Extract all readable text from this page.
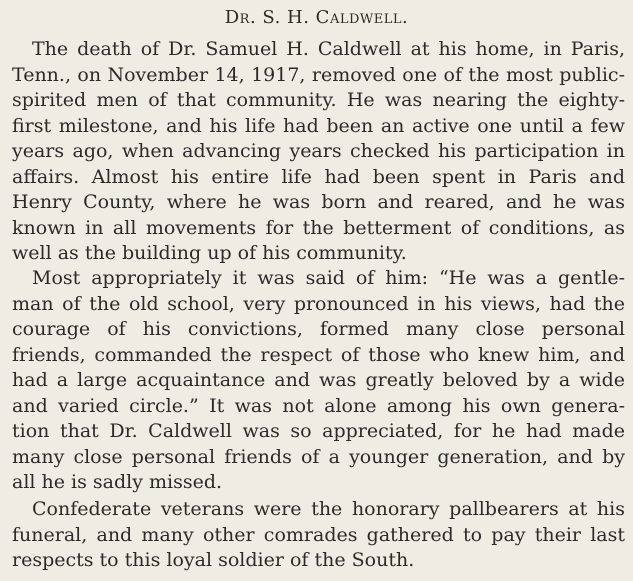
Dr. S. H. Caldwell.
The death of Dr. Samuel H. Caldwell at his home, in Paris,
Tenn., on November 14, 1917, removed one of the most public-
spirited men of that community. He was nearing the eighty-
first milestone, and his life had been an active one until a few
years ago, when advancing years checked his participation in
affairs. Almost his entire life had been spent in Paris and
Henry County, where he was born and reared, and he was
known in all movements for the betterment of conditions, as
well as the building up of his community.
Most appropriately it was said of him: “He was a gentle-
man of the old school, very pronounced in his views, had the
courage of his convictions, formed many close personal
friends, commanded the respect of those who knew him, and
had a large acquaintance and was greatly beloved by a wide
and varied circle.” It was not alone among his own genera-
tion that Dr. Caldwell was so appreciated, for he had made
many close personal friends of a younger generation, and by
all he is sadly missed.
Confederate veterans were the honorary pallbearers at his
funeral, and many other comrades gathered to pay their last
respects to this loyal soldier of the South.
